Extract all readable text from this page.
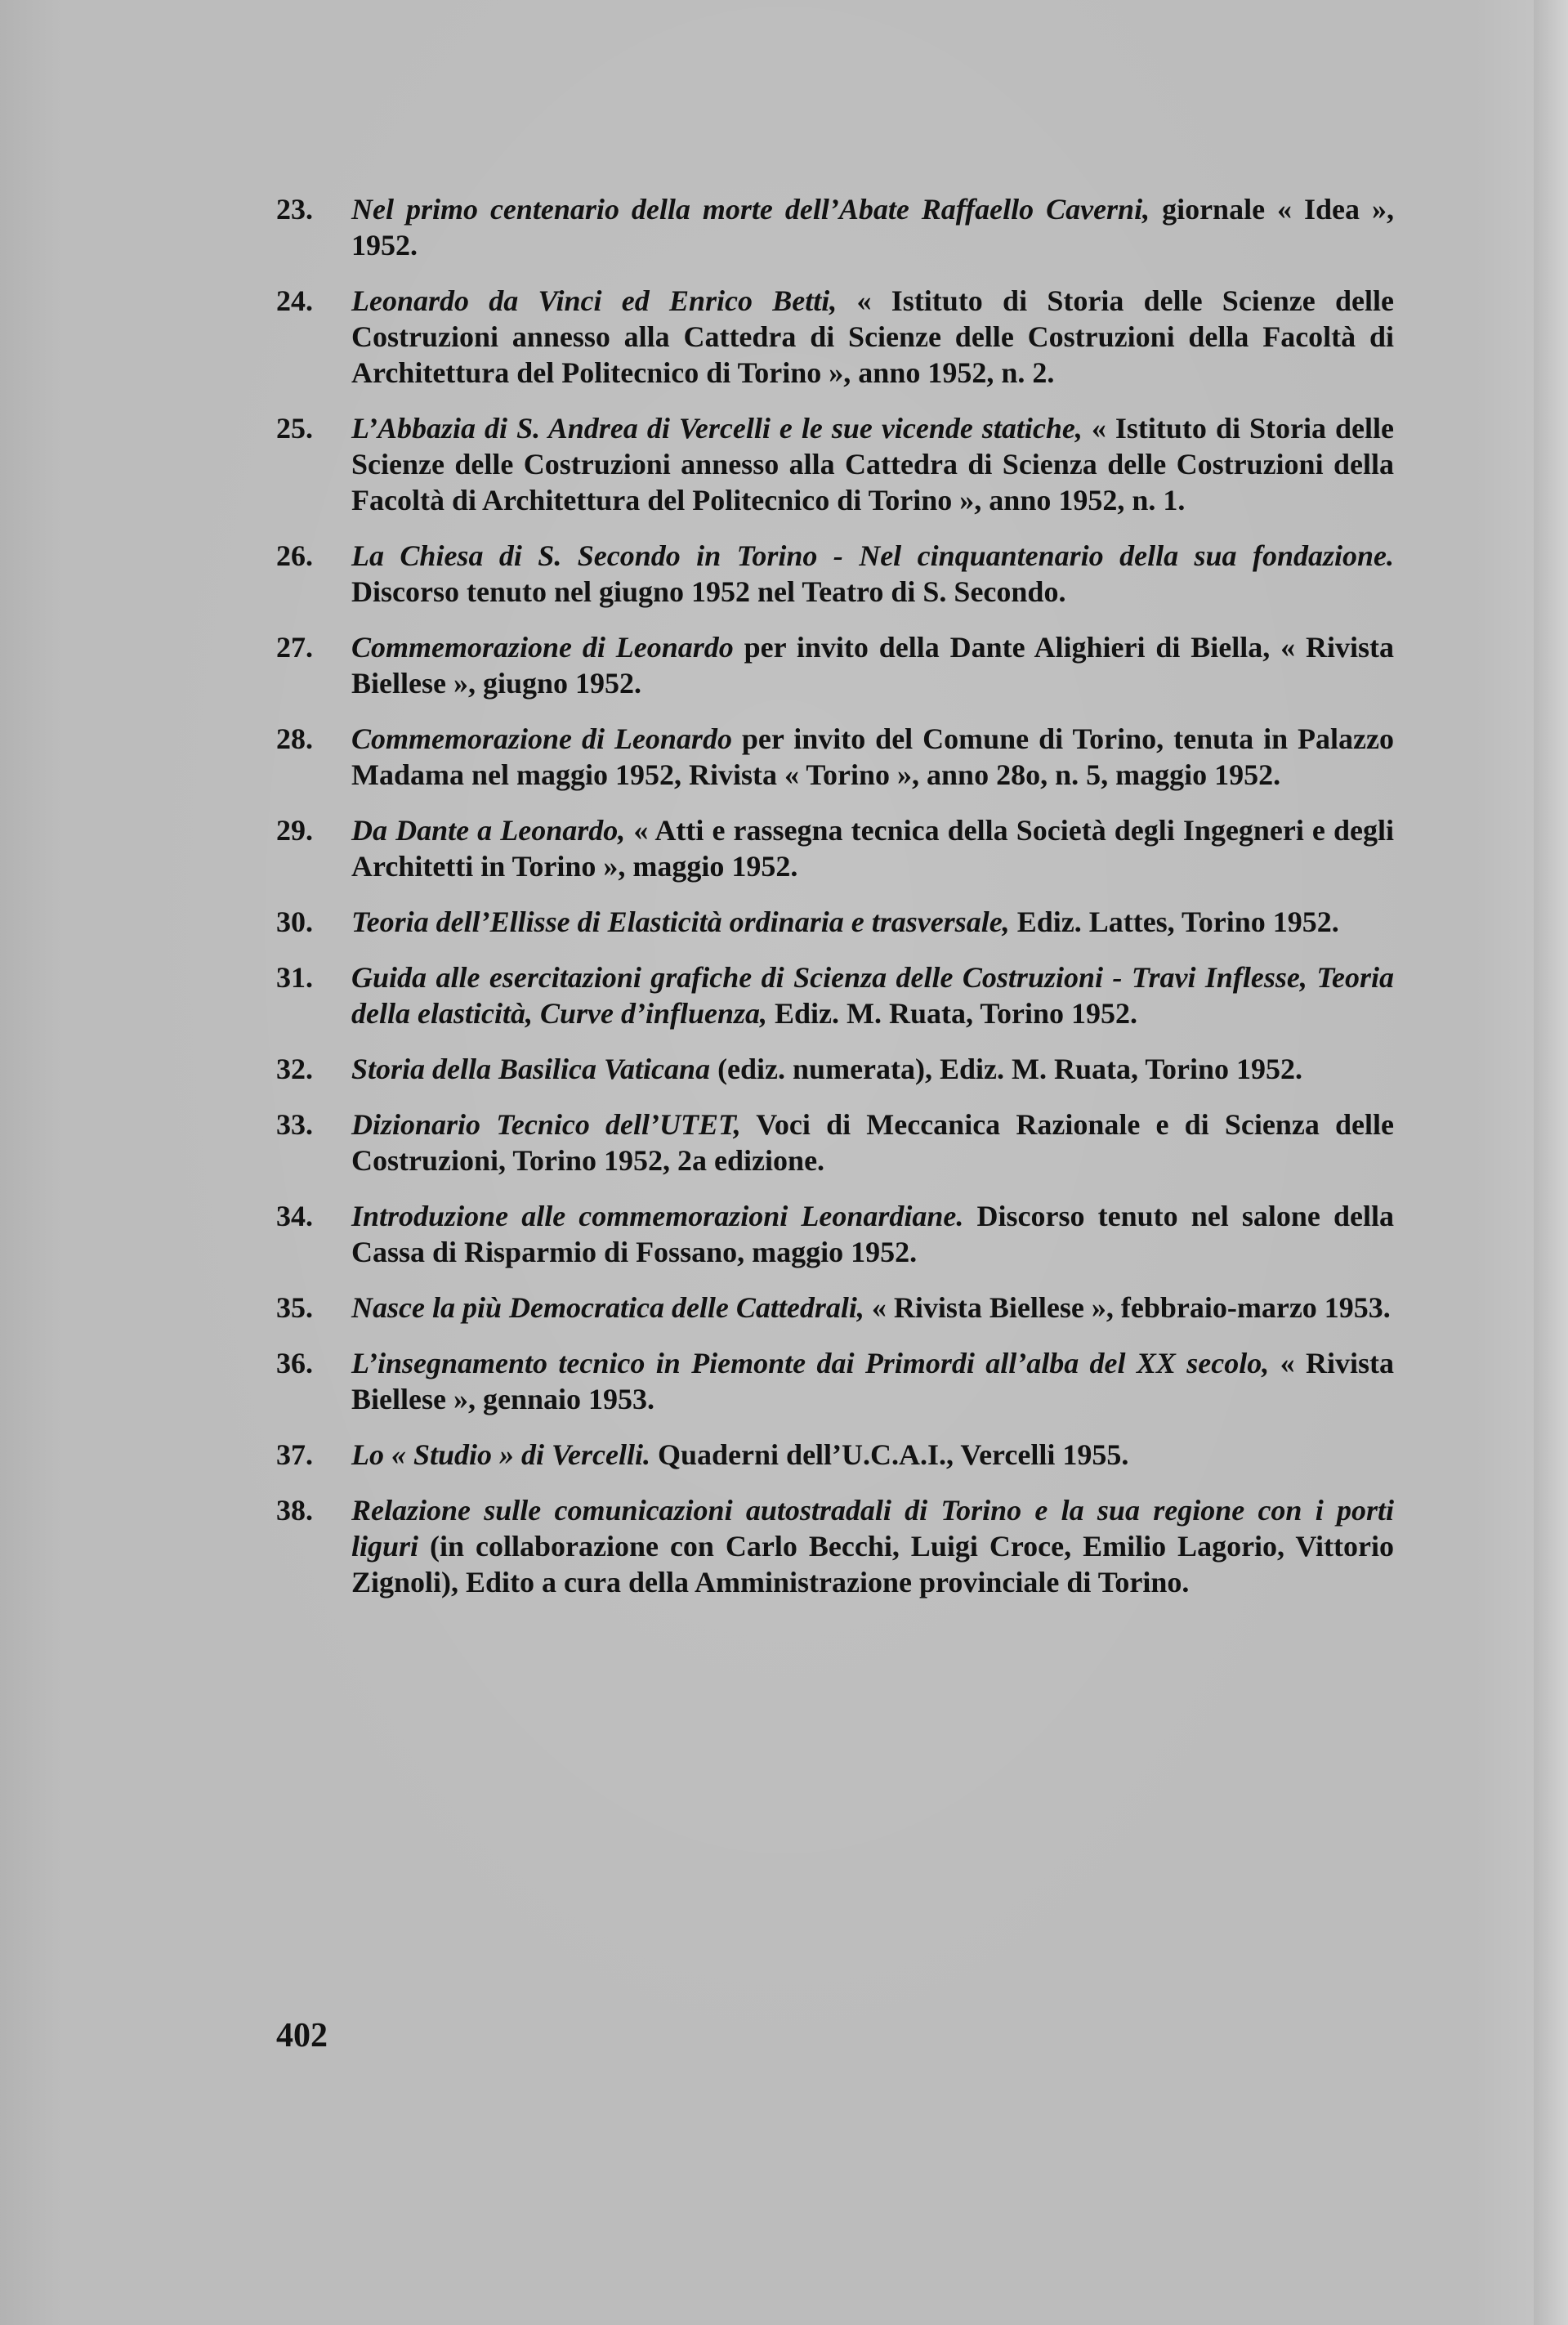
23. Nel primo centenario della morte dell’Abate Raffaello Caverni, giornale « Idea », 1952.
24. Leonardo da Vinci ed Enrico Betti, « Istituto di Storia delle Scienze delle Costruzioni annesso alla Cattedra di Scienze delle Costruzioni della Facoltà di Architettura del Politecnico di Torino », anno 1952, n. 2.
25. L’Abbazia di S. Andrea di Vercelli e le sue vicende statiche, « Istituto di Storia delle Scienze delle Costruzioni annesso alla Cattedra di Scienza delle Costruzioni della Facoltà di Architettura del Politecnico di Torino », anno 1952, n. 1.
26. La Chiesa di S. Secondo in Torino - Nel cinquantenario della sua fondazione. Discorso tenuto nel giugno 1952 nel Teatro di S. Secondo.
27. Commemorazione di Leonardo per invito della Dante Alighieri di Biella, « Rivista Biellese », giugno 1952.
28. Commemorazione di Leonardo per invito del Comune di Torino, tenuta in Palazzo Madama nel maggio 1952, Rivista « Torino », anno 28o, n. 5, maggio 1952.
29. Da Dante a Leonardo, « Atti e rassegna tecnica della Società degli Ingegneri e degli Architetti in Torino », maggio 1952.
30. Teoria dell’Ellisse di Elasticità ordinaria e trasversale, Ediz. Lattes, Torino 1952.
31. Guida alle esercitazioni grafiche di Scienza delle Costruzioni - Travi Inflesse, Teoria della elasticità, Curve d’influenza, Ediz. M. Ruata, Torino 1952.
32. Storia della Basilica Vaticana (ediz. numerata), Ediz. M. Ruata, Torino 1952.
33. Dizionario Tecnico dell’UTET, Voci di Meccanica Razionale e di Scienza delle Costruzioni, Torino 1952, 2a edizione.
34. Introduzione alle commemorazioni Leonardiane. Discorso tenuto nel salone della Cassa di Risparmio di Fossano, maggio 1952.
35. Nasce la più Democratica delle Cattedrali, « Rivista Biellese », febbraio-marzo 1953.
36. L’insegnamento tecnico in Piemonte dai Primordi all’alba del XX secolo, « Rivista Biellese », gennaio 1953.
37. Lo « Studio » di Vercelli. Quaderni dell’U.C.A.I., Vercelli 1955.
38. Relazione sulle comunicazioni autostradali di Torino e la sua regione con i porti liguri (in collaborazione con Carlo Becchi, Luigi Croce, Emilio Lagorio, Vittorio Zignoli), Edito a cura della Amministrazione provinciale di Torino.
402
